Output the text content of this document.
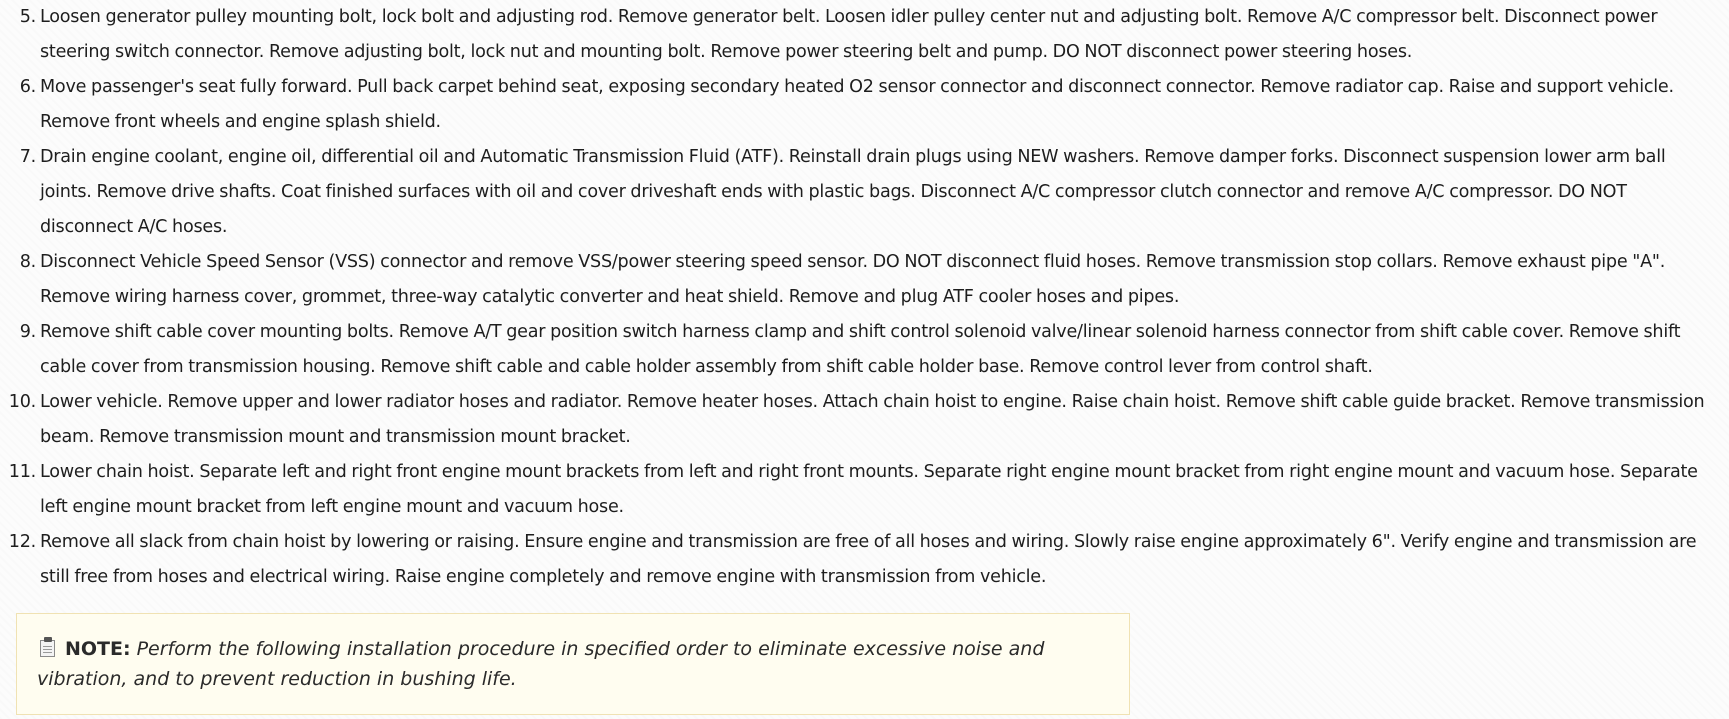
5. Loosen generator pulley mounting bolt, lock bolt and adjusting rod. Remove generator belt. Loosen idler pulley center nut and adjusting bolt. Remove A/C compressor belt. Disconnect power steering switch connector. Remove adjusting bolt, lock nut and mounting bolt. Remove power steering belt and pump. DO NOT disconnect power steering hoses.
6. Move passenger's seat fully forward. Pull back carpet behind seat, exposing secondary heated O2 sensor connector and disconnect connector. Remove radiator cap. Raise and support vehicle. Remove front wheels and engine splash shield.
7. Drain engine coolant, engine oil, differential oil and Automatic Transmission Fluid (ATF). Reinstall drain plugs using NEW washers. Remove damper forks. Disconnect suspension lower arm ball joints. Remove drive shafts. Coat finished surfaces with oil and cover driveshaft ends with plastic bags. Disconnect A/C compressor clutch connector and remove A/C compressor. DO NOT disconnect A/C hoses.
8. Disconnect Vehicle Speed Sensor (VSS) connector and remove VSS/power steering speed sensor. DO NOT disconnect fluid hoses. Remove transmission stop collars. Remove exhaust pipe "A". Remove wiring harness cover, grommet, three-way catalytic converter and heat shield. Remove and plug ATF cooler hoses and pipes.
9. Remove shift cable cover mounting bolts. Remove A/T gear position switch harness clamp and shift control solenoid valve/linear solenoid harness connector from shift cable cover. Remove shift cable cover from transmission housing. Remove shift cable and cable holder assembly from shift cable holder base. Remove control lever from control shaft.
10. Lower vehicle. Remove upper and lower radiator hoses and radiator. Remove heater hoses. Attach chain hoist to engine. Raise chain hoist. Remove shift cable guide bracket. Remove transmission beam. Remove transmission mount and transmission mount bracket.
11. Lower chain hoist. Separate left and right front engine mount brackets from left and right front mounts. Separate right engine mount bracket from right engine mount and vacuum hose. Separate left engine mount bracket from left engine mount and vacuum hose.
12. Remove all slack from chain hoist by lowering or raising. Ensure engine and transmission are free of all hoses and wiring. Slowly raise engine approximately 6". Verify engine and transmission are still free from hoses and electrical wiring. Raise engine completely and remove engine with transmission from vehicle.
NOTE: Perform the following installation procedure in specified order to eliminate excessive noise and vibration, and to prevent reduction in bushing life.
